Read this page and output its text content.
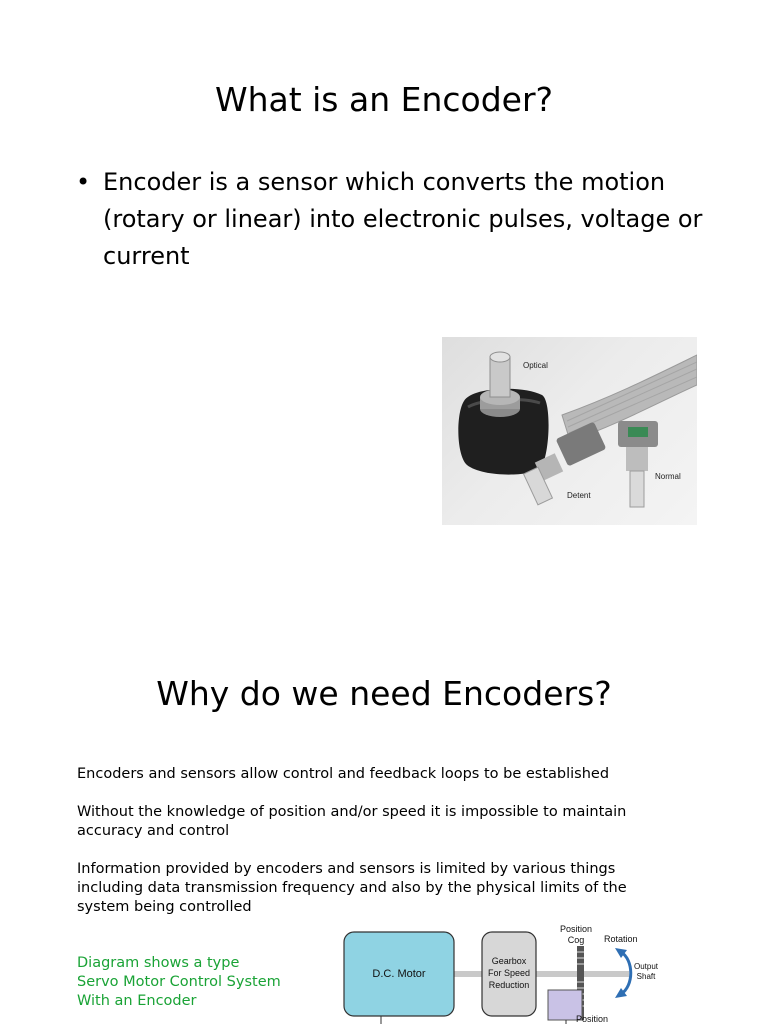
What is an Encoder?
• Encoder is a sensor which converts the motion (rotary or linear) into electronic pulses, voltage or current
Optical
Detent
Normal
Why do we need Encoders?

Encoders and sensors allow control and feedback loops to be established

Without the knowledge of position and/or speed it is impossible to maintain accuracy and control

Information provided by encoders and sensors is limited by various things including data transmission frequency and also by the physical limits of the system being controlled

Diagram shows a type
Servo Motor Control System
With an Encoder
D.C. Motor
Gearbox
For Speed
Reduction
Position
Cog Rotation
Output
Shaft
Position
